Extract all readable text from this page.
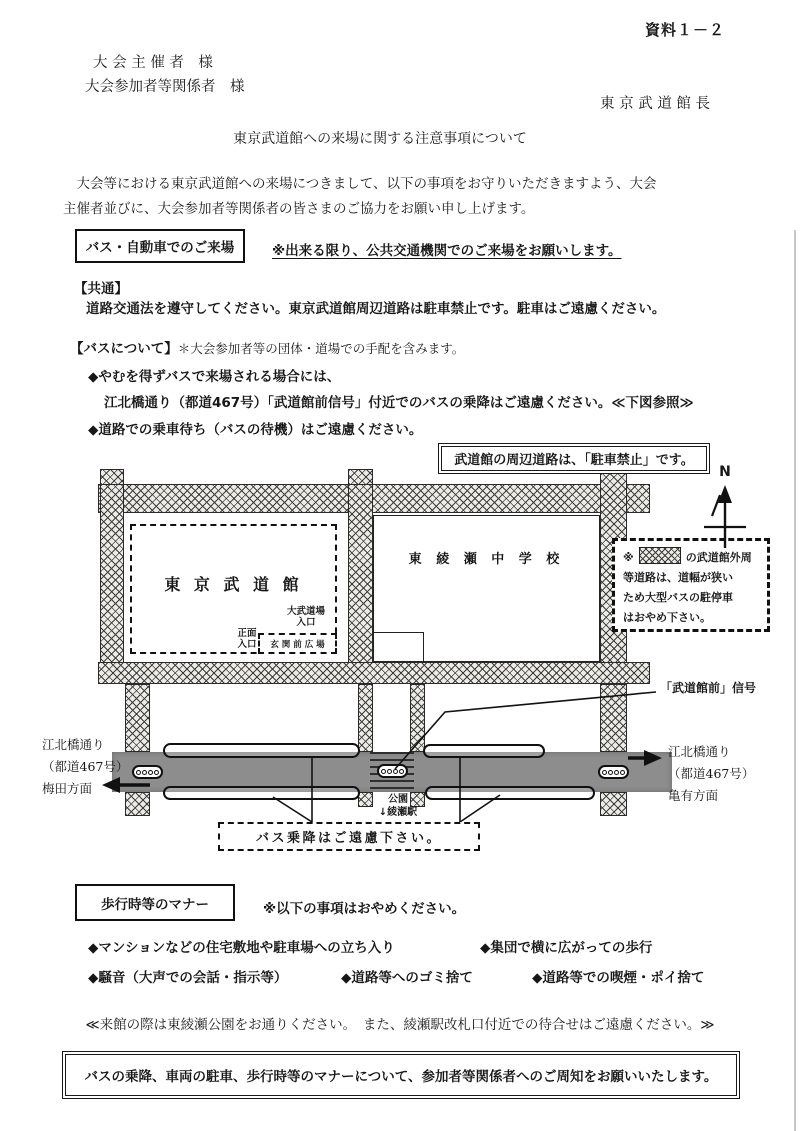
資料１－２
大 会 主 催 者　様
大会参加者等関係者　様
東 京 武 道 館 長
東京武道館への来場に関する注意事項について
　大会等における東京武道館への来場につきまして、以下の事項をお守りいただきますよう、大会
主催者並びに、大会参加者等関係者の皆さまのご協力をお願い申し上げます。
バス・自動車でのご来場	※出来る限り、公共交通機関でのご来場をお願いします。
【共通】
道路交通法を遵守してください。東京武道館周辺道路は駐車禁止です。駐車はご遠慮ください。
【バスについて】＊大会参加者等の団体・道場での手配を含みます。
◆やむを得ずバスで来場される場合には、
江北橋通り（都道467号）「武道館前信号」付近でのバスの乗降はご遠慮ください。≪下図参照≫
◆道路での乗車待ち（バスの待機）はご遠慮ください。
東 京 武 道 館
大武道場
入口
正面
入口 玄 関 前 広 場
東 綾 瀬 中 学 校
武道館の周辺道路は、「駐車禁止」です。
※	の武道館外周
等道路は、道幅が狭い
ため大型バスの駐停車
はおやめ下さい。
N
「武道館前」信号
江北橋通り
（都道467号）
梅田方面
江北橋通り
（都道467号）
亀有方面
公園
↓綾瀬駅
バス乗降はご遠慮下さい。
歩行時等のマナー	※以下の事項はおやめください。
◆マンションなどの住宅敷地や駐車場への立ち入り	◆集団で横に広がっての歩行
◆騒音（大声での会話・指示等）	◆道路等へのゴミ捨て	◆道路等での喫煙・ポイ捨て
≪来館の際は東綾瀬公園をお通りください。　また、綾瀬駅改札口付近での待合せはご遠慮ください。≫
バスの乗降、車両の駐車、歩行時等のマナーについて、参加者等関係者へのご周知をお願いいたします。
